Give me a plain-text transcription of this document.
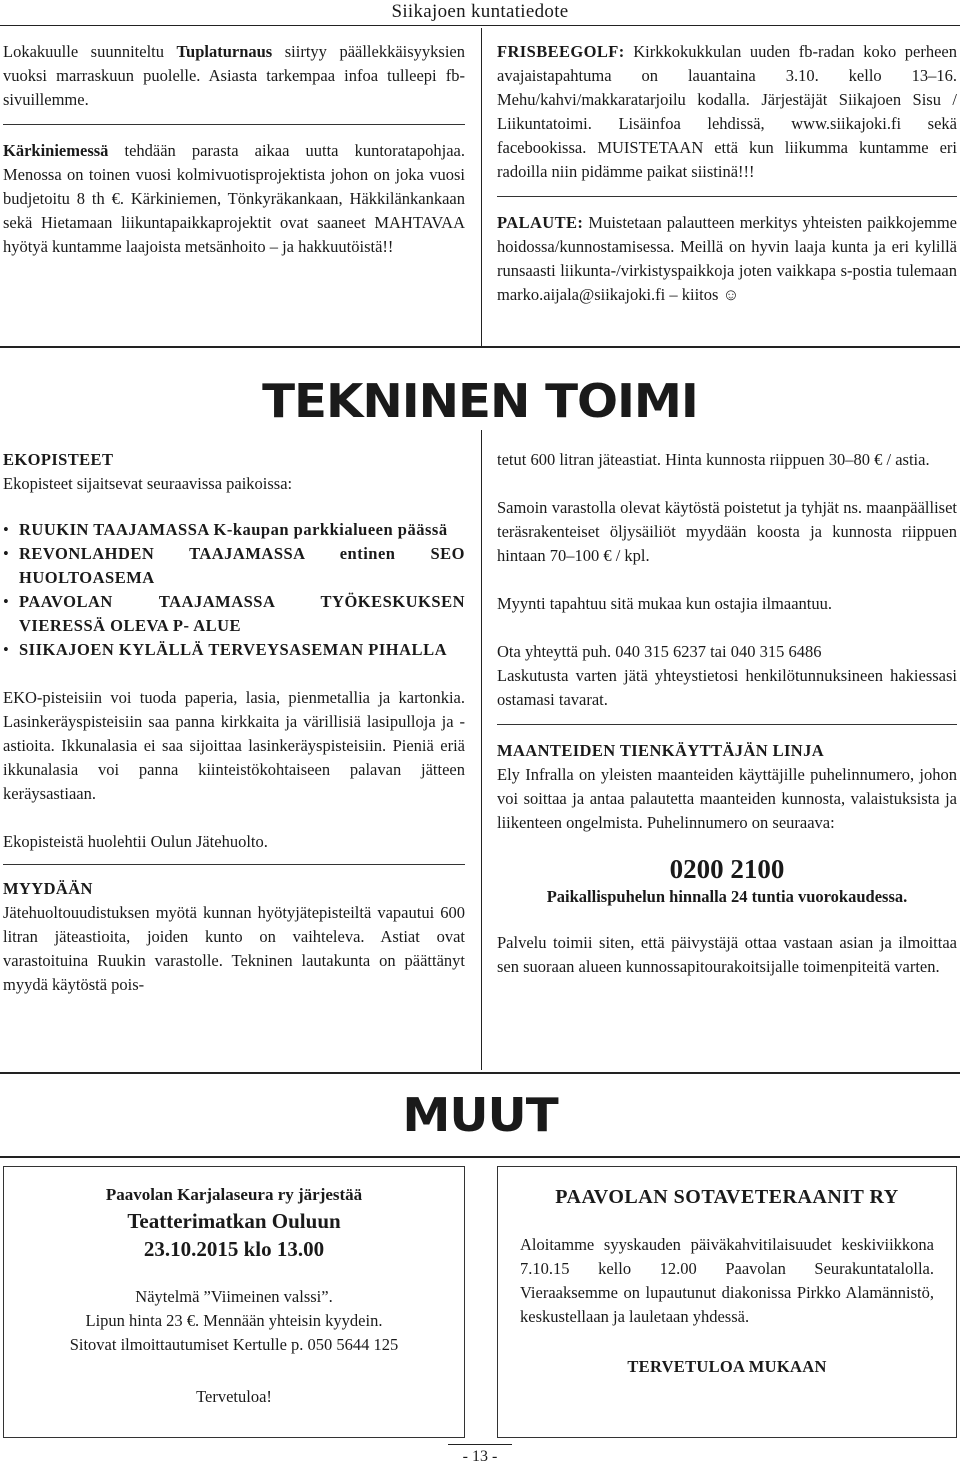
Siikajoen kuntatiedote

Lokakuulle suunniteltu Tuplaturnaus siirtyy päällekkäisyyksien vuoksi marraskuun puolelle. Asiasta tarkempaa infoa tulleepi fb-sivuillemme.

Kärkiniemessä tehdään parasta aikaa uutta kuntoratapohjaa. Menossa on toinen vuosi kolmivuotisprojektista johon on joka vuosi budjetoitu 8 th €. Kärkiniemen, Tönkyräkankaan, Häkkilänkankaan sekä Hietamaan liikuntapaikkaprojektit ovat saaneet MAHTAVAA hyötyä kuntamme laajoista metsänhoito – ja hakkuutöistä!!

FRISBEEGOLF: Kirkkokukkulan uuden fb-radan koko perheen avajaistapahtuma on lauantaina 3.10. kello 13–16. Mehu/kahvi/makkaratarjoilu kodalla. Järjestäjät Siikajoen Sisu / Liikuntatoimi. Lisäinfoa lehdissä, www.siikajoki.fi sekä facebookissa. MUISTETAAN että kun liikumma kuntamme eri radoilla niin pidämme paikat siistinä!!!

PALAUTE: Muistetaan palautteen merkitys yhteisten paikkojemme hoidossa/kunnostamisessa. Meillä on hyvin laaja kunta ja eri kylillä runsaasti liikunta-/virkistyspaikkoja joten vaikkapa s-postia tulemaan marko.aijala@siikajoki.fi – kiitos ☺

TEKNINEN TOIMI

EKOPISTEET

Ekopisteet sijaitsevat seuraavissa paikoissa:

• RUUKIN TAAJAMASSA K-kaupan parkkialueen päässä
• REVONLAHDEN TAAJAMASSA entinen SEO HUOLTOASEMA
• PAAVOLAN TAAJAMASSA TYÖKESKUKSEN VIERESSÄ OLEVA P- ALUE
• SIIKAJOEN KYLÄLLÄ TERVEYSASEMAN PIHALLA

EKO-pisteisiin voi tuoda paperia, lasia, pienmetallia ja kartonkia. Lasinkeräyspisteisiin saa panna kirkkaita ja värillisiä lasipulloja ja -astioita. Ikkunalasia ei saa sijoittaa lasinkeräyspisteisiin. Pieniä eriä ikkunalasia voi panna kiinteistökohtaiseen palavan jätteen keräysastiaan.

Ekopisteistä huolehtii Oulun Jätehuolto.

MYYDÄÄN

Jätehuoltouudistuksen myötä kunnan hyötyjätepisteiltä vapautui 600 litran jäteastioita, joiden kunto on vaihteleva. Astiat ovat varastoituina Ruukin varastolle. Tekninen lautakunta on päättänyt myydä käytöstä pois-

tetut 600 litran jäteastiat. Hinta kunnosta riippuen 30–80 € / astia.

Samoin varastolla olevat käytöstä poistetut ja tyhjät ns. maanpäälliset teräsrakenteiset öljysäiliöt myydään koosta ja kunnosta riippuen hintaan 70–100 € / kpl.

Myynti tapahtuu sitä mukaa kun ostajia ilmaantuu.

Ota yhteyttä puh. 040 315 6237 tai 040 315 6486

Laskutusta varten jätä yhteystietosi henkilötunnuksineen hakiessasi ostamasi tavarat.

MAANTEIDEN TIENKÄYTTÄJÄN LINJA

Ely Infralla on yleisten maanteiden käyttäjille puhelinnumero, johon voi soittaa ja antaa palautetta maanteiden kunnosta, valaistuksista ja liikenteen ongelmista. Puhelinnumero on seuraava:

0200 2100

Paikallispuhelun hinnalla 24 tuntia vuorokaudessa.

Palvelu toimii siten, että päivystäjä ottaa vastaan asian ja ilmoittaa sen suoraan alueen kunnossapitourakoitsijalle toimenpiteitä varten.

MUUT

Paavolan Karjalaseura ry järjestää

Teatterimatkan Ouluun

23.10.2015 klo 13.00

Näytelmä ”Viimeinen valssi”.

Lipun hinta 23 €. Mennään yhteisin kyydein.

Sitovat ilmoittautumiset Kertulle p. 050 5644 125

Tervetuloa!

PAAVOLAN SOTAVETERAANIT RY

Aloitamme syyskauden päiväkahvitilaisuudet keskiviikkona 7.10.15 kello 12.00 Paavolan Seurakuntatalolla. Vieraaksemme on lupautunut diakonissa Pirkko Alamännistö, keskustellaan ja lauletaan yhdessä.

TERVETULOA MUKAAN

- 13 -
